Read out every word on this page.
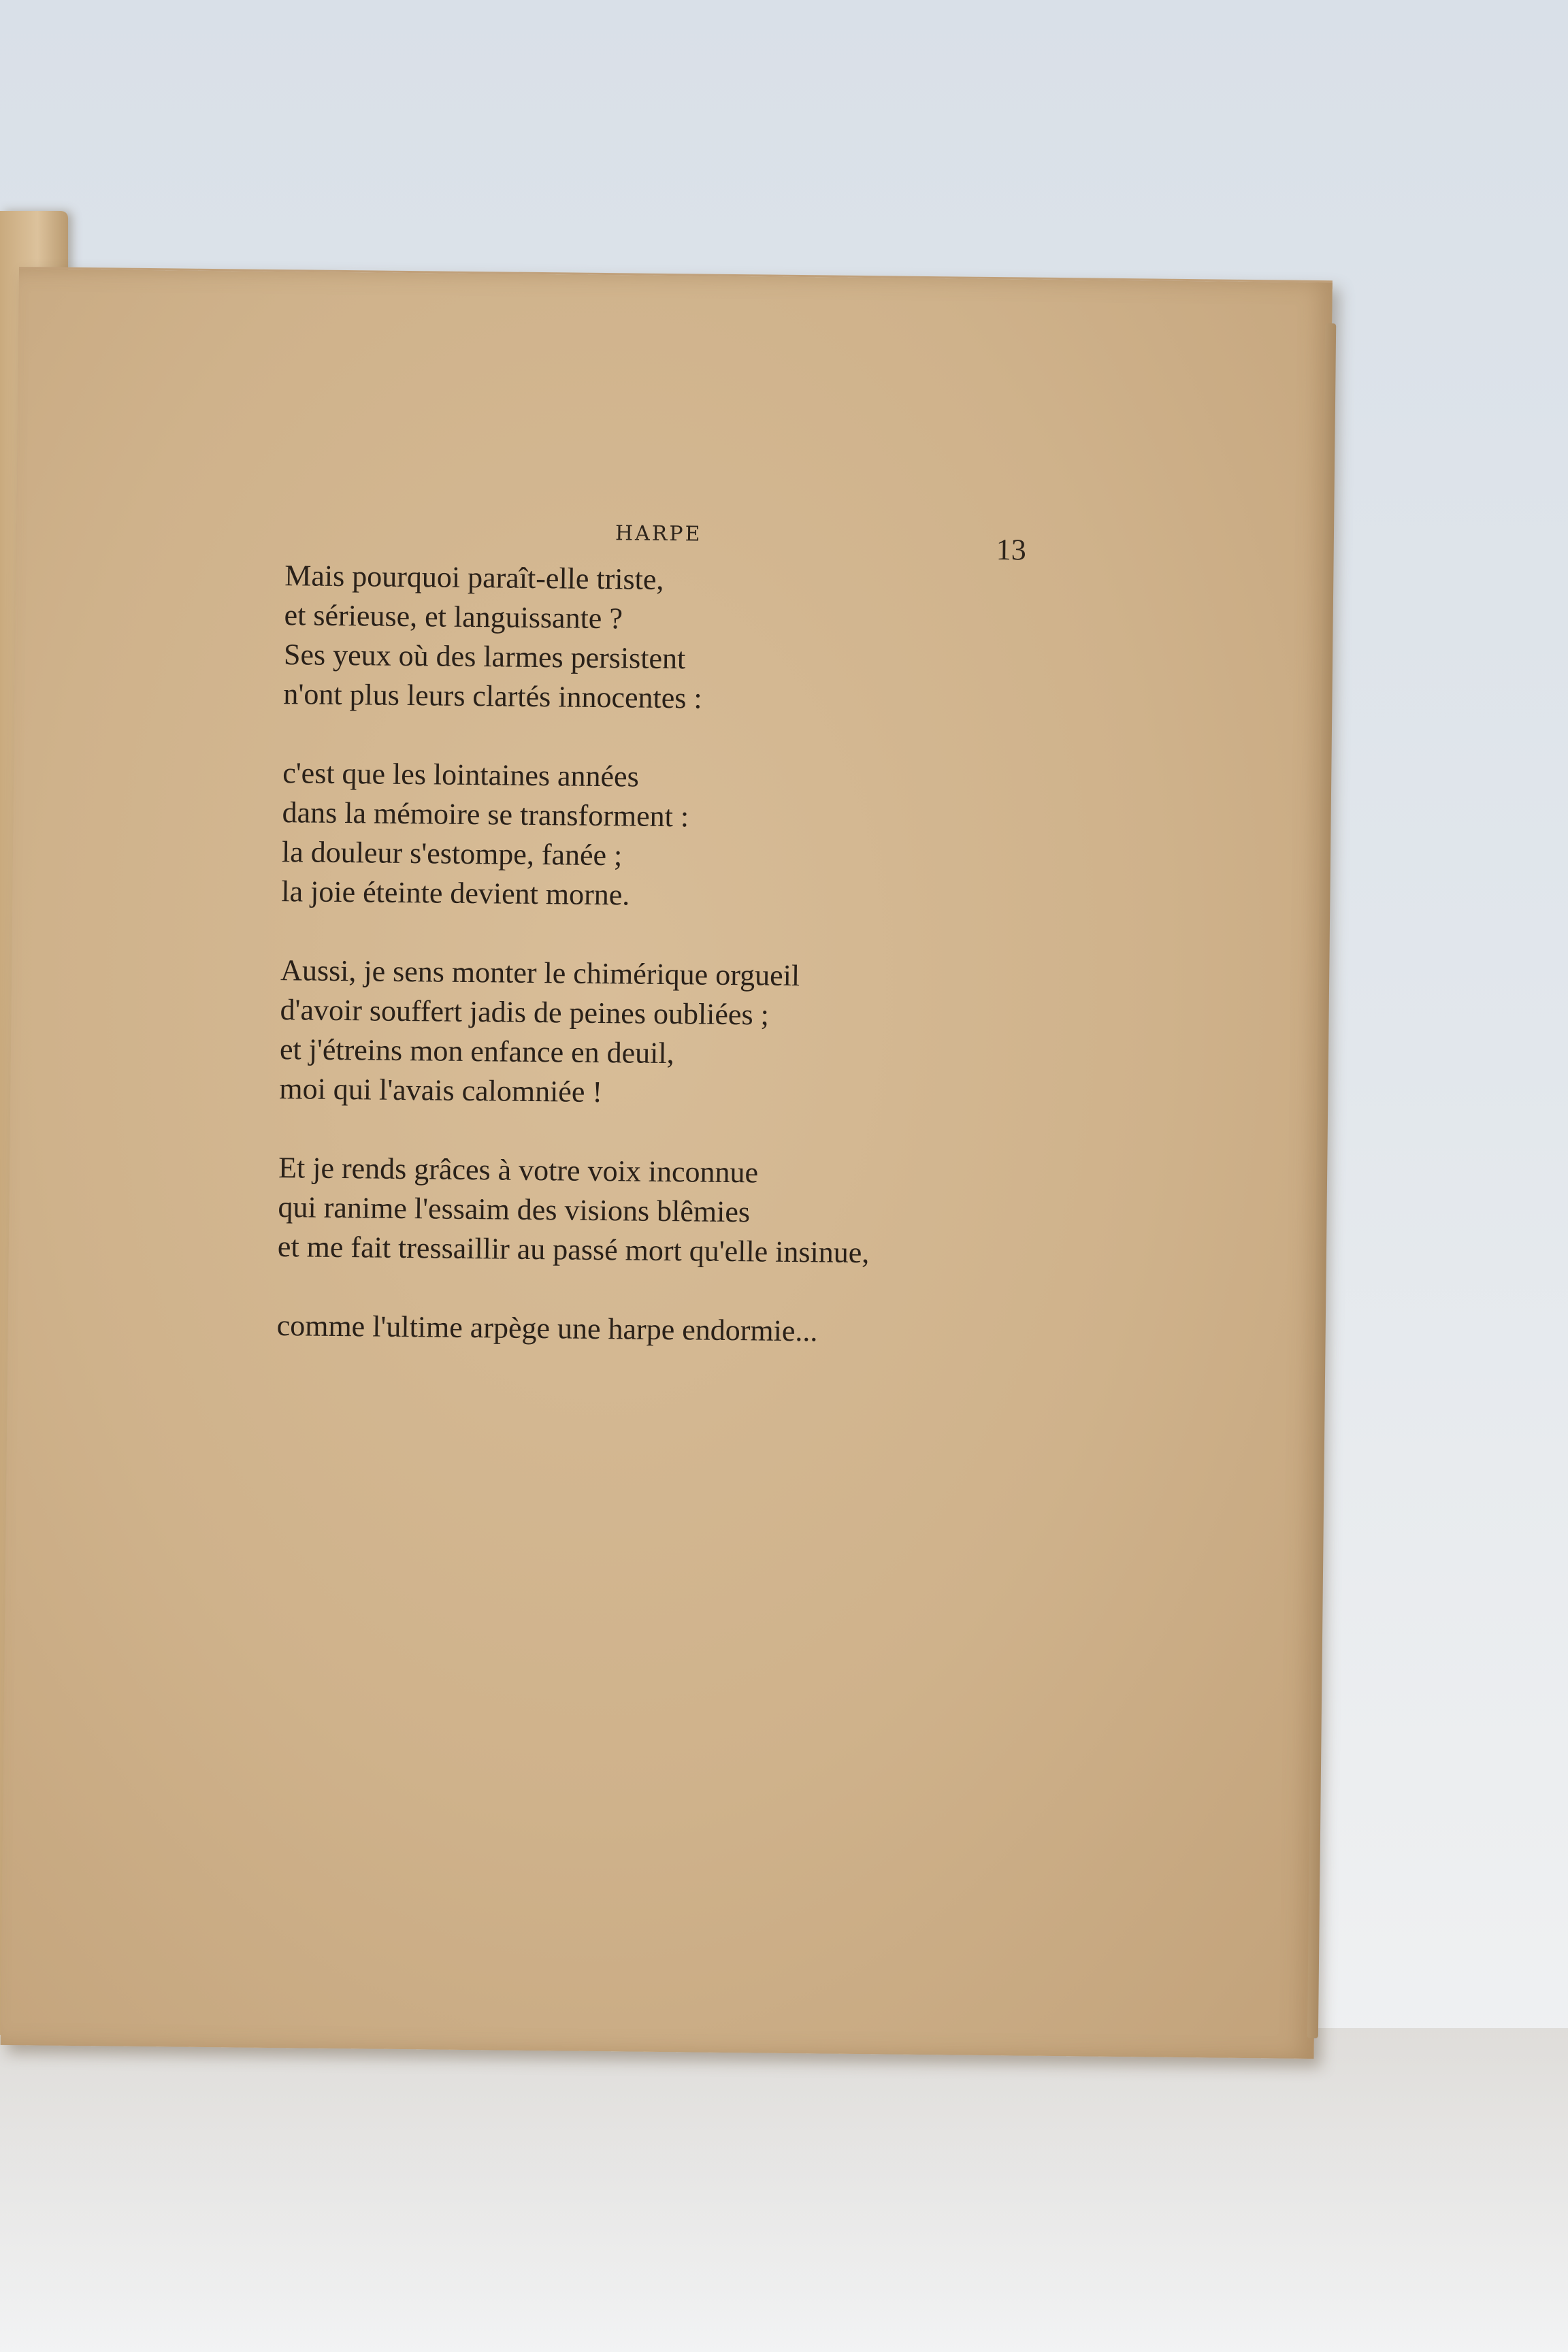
HARPE	13
Mais pourquoi paraît-elle triste,
et sérieuse, et languissante ?
Ses yeux où des larmes persistent
n'ont plus leurs clartés innocentes :
c'est que les lointaines années
dans la mémoire se transforment :
la douleur s'estompe, fanée ;
la joie éteinte devient morne.
Aussi, je sens monter le chimérique orgueil
d'avoir souffert jadis de peines oubliées ;
et j'étreins mon enfance en deuil,
moi qui l'avais calomniée !
Et je rends grâces à votre voix inconnue
qui ranime l'essaim des visions blêmies
et me fait tressaillir au passé mort qu'elle insinue,
comme l'ultime arpège une harpe endormie...
